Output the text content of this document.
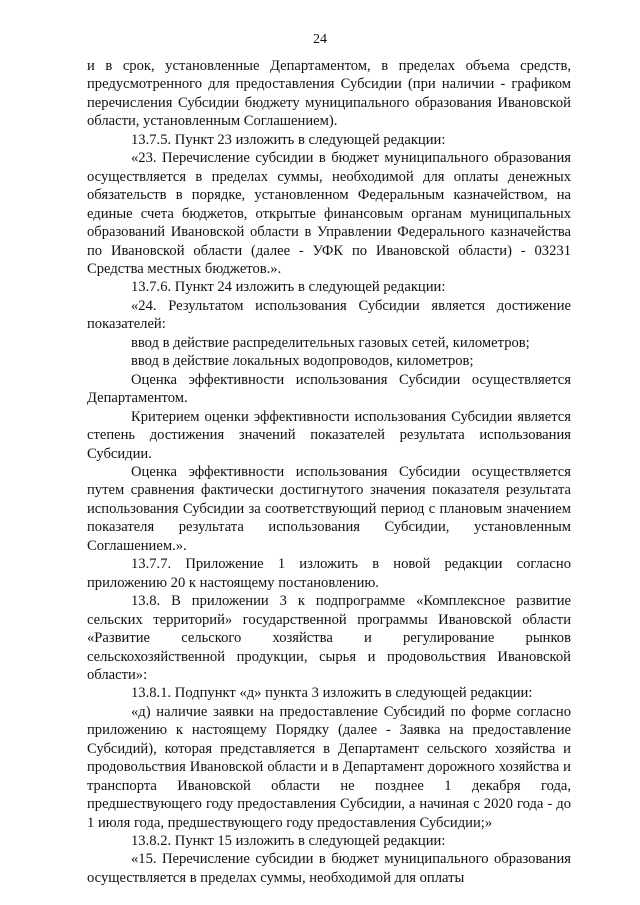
24

и в срок, установленные Департаментом, в пределах объема средств, предусмотренного для предоставления Субсидии (при наличии - графиком перечисления Субсидии бюджету муниципального образования Ивановской области, установленным Соглашением).

13.7.5. Пункт 23 изложить в следующей редакции:

«23. Перечисление субсидии в бюджет муниципального образования осуществляется в пределах суммы, необходимой для оплаты денежных обязательств в порядке, установленном Федеральным казначейством, на единые счета бюджетов, открытые финансовым органам муниципальных образований Ивановской области в Управлении Федерального казначейства по Ивановской области (далее - УФК по Ивановской области) - 03231 Средства местных бюджетов.».

13.7.6. Пункт 24 изложить в следующей редакции:

«24. Результатом использования Субсидии является достижение показателей:

ввод в действие распределительных газовых сетей, километров;

ввод в действие локальных водопроводов, километров;

Оценка эффективности использования Субсидии осуществляется Департаментом.

Критерием оценки эффективности использования Субсидии является степень достижения значений показателей результата использования Субсидии.

Оценка эффективности использования Субсидии осуществляется путем сравнения фактически достигнутого значения показателя результата использования Субсидии за соответствующий период с плановым значением показателя результата использования Субсидии, установленным Соглашением.».

13.7.7. Приложение 1 изложить в новой редакции согласно приложению 20 к настоящему постановлению.

13.8. В приложении 3 к подпрограмме «Комплексное развитие сельских территорий» государственной программы Ивановской области «Развитие сельского хозяйства и регулирование рынков сельскохозяйственной продукции, сырья и продовольствия Ивановской области»:

13.8.1. Подпункт «д» пункта 3 изложить в следующей редакции:

«д) наличие заявки на предоставление Субсидий по форме согласно приложению к настоящему Порядку (далее - Заявка на предоставление Субсидий), которая представляется в Департамент сельского хозяйства и продовольствия Ивановской области и в Департамент дорожного хозяйства и транспорта Ивановской области не позднее 1 декабря года, предшествующего году предоставления Субсидии, а начиная с 2020 года - до 1 июля года, предшествующего году предоставления Субсидии;»

13.8.2. Пункт 15 изложить в следующей редакции:

«15. Перечисление субсидии в бюджет муниципального образования осуществляется в пределах суммы, необходимой для оплаты
